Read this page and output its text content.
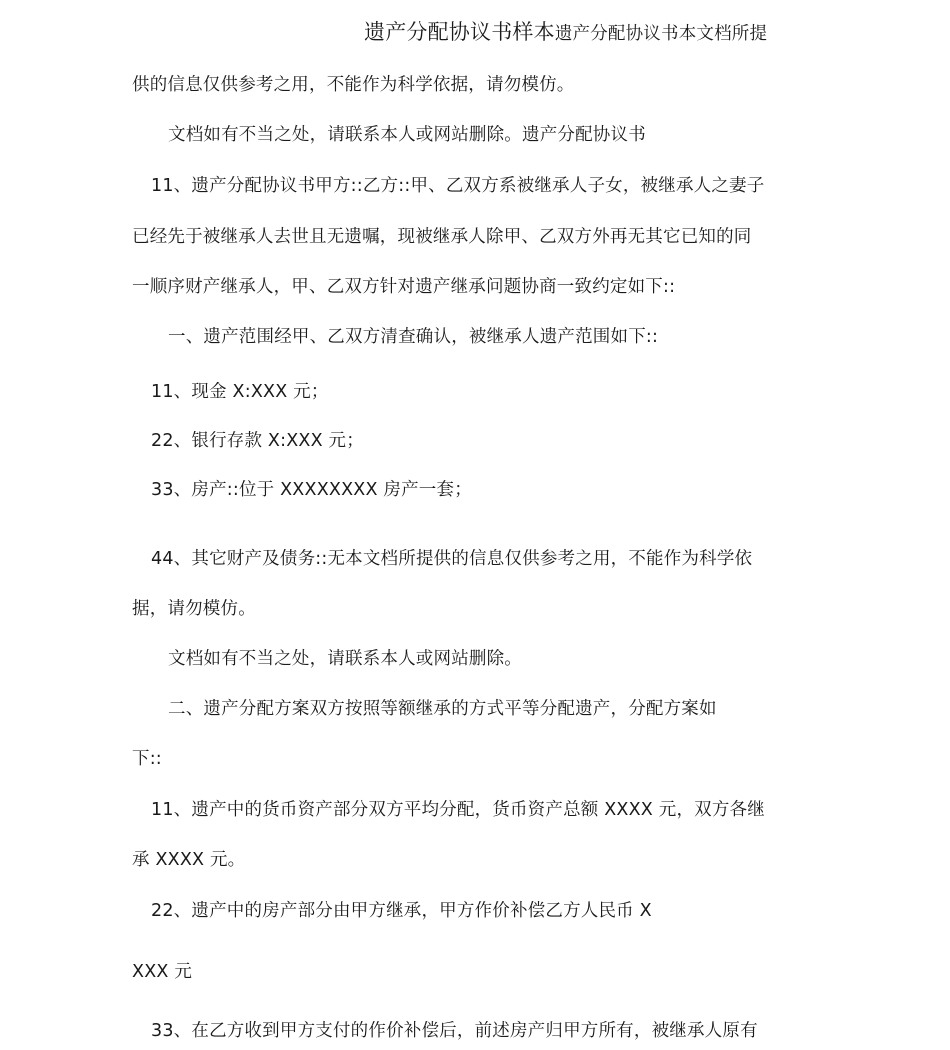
遗产分配协议书样本遗产分配协议书本文档所提
供的信息仅供参考之用，不能作为科学依据，请勿模仿。
文档如有不当之处，请联系本人或网站删除。遗产分配协议书
11、遗产分配协议书甲方::乙方::甲、乙双方系被继承人子女，被继承人之妻子
已经先于被继承人去世且无遗嘱，现被继承人除甲、乙双方外再无其它已知的同
一顺序财产继承人，甲、乙双方针对遗产继承问题协商一致约定如下::
一、遗产范围经甲、乙双方清查确认，被继承人遗产范围如下::
11、现金 X:XXX 元；
22、银行存款 X:XXX 元；
33、房产::位于 XXXXXXXX 房产一套；
44、其它财产及债务::无本文档所提供的信息仅供参考之用，不能作为科学依
据，请勿模仿。
文档如有不当之处，请联系本人或网站删除。
二、遗产分配方案双方按照等额继承的方式平等分配遗产，分配方案如
下::
11、遗产中的货币资产部分双方平均分配，货币资产总额 XXXX 元，双方各继
承 XXXX 元。
22、遗产中的房产部分由甲方继承，甲方作价补偿乙方人民币 X
XXX 元
33、在乙方收到甲方支付的作价补偿后，前述房产归甲方所有，被继承人原有
